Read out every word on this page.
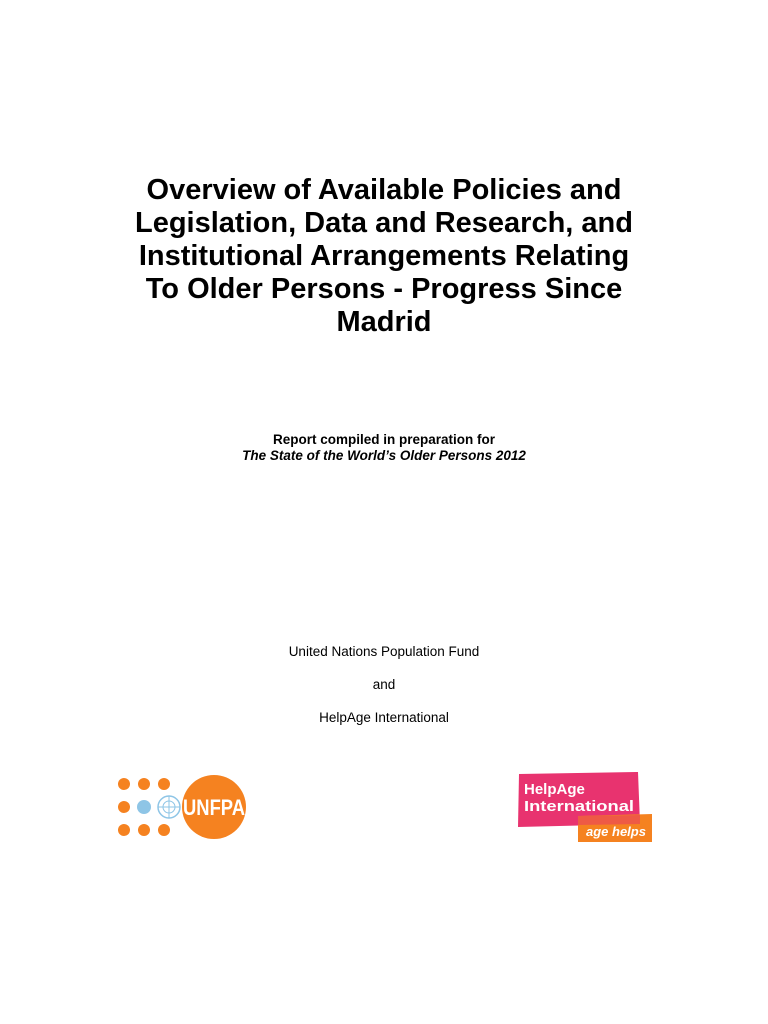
Overview of Available Policies and
Legislation, Data and Research, and
Institutional Arrangements Relating
To Older Persons - Progress Since
Madrid
Report compiled in preparation for
The State of the World’s Older Persons 2012
United Nations Population Fund
and
HelpAge International
UNFPA
HelpAge
International
age helps
